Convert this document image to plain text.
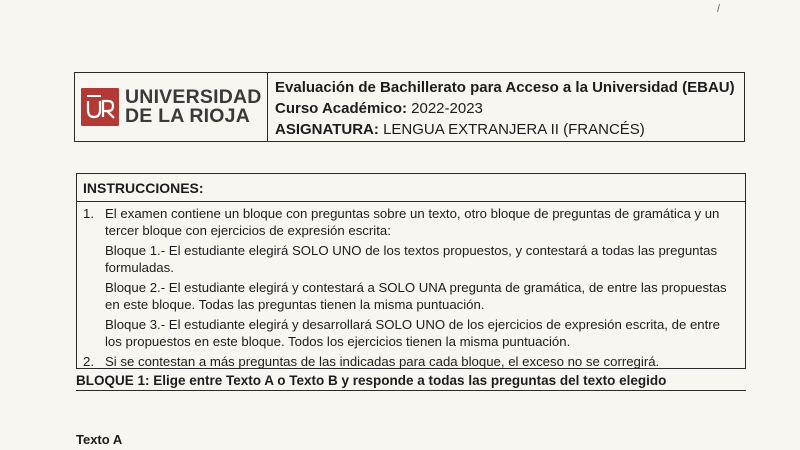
UNIVERSIDAD
DE LA RIOJA
Evaluación de Bachillerato para Acceso a la Universidad (EBAU)
Curso Académico: 2022-2023
ASIGNATURA: LENGUA EXTRANJERA II (FRANCÉS)
INSTRUCCIONES:
1. El examen contiene un bloque con preguntas sobre un texto, otro bloque de preguntas de gramática y un tercer bloque con ejercicios de expresión escrita:
Bloque 1.- El estudiante elegirá SOLO UNO de los textos propuestos, y contestará a todas las preguntas formuladas.
Bloque 2.- El estudiante elegirá y contestará a SOLO UNA pregunta de gramática, de entre las propuestas en este bloque. Todas las preguntas tienen la misma puntuación.
Bloque 3.- El estudiante elegirá y desarrollará SOLO UNO de los ejercicios de expresión escrita, de entre los propuestos en este bloque. Todos los ejercicios tienen la misma puntuación.
2. Si se contestan a más preguntas de las indicadas para cada bloque, el exceso no se corregirá.
BLOQUE 1: Elige entre Texto A o Texto B y responde a todas las preguntas del texto elegido
Texto A
